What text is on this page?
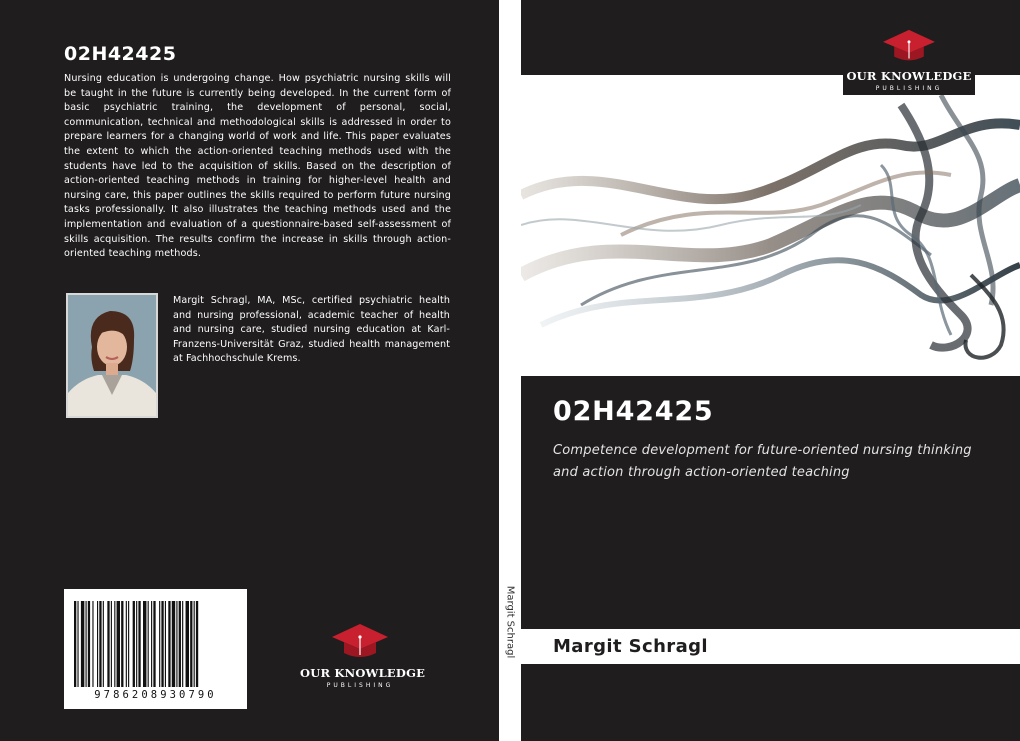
02H42425
Nursing education is undergoing change. How psychiatric nursing skills will be taught in the future is currently being developed. In the current form of basic psychiatric training, the development of personal, social, communication, technical and methodological skills is addressed in order to prepare learners for a changing world of work and life. This paper evaluates the extent to which the action-oriented teaching methods used with the students have led to the acquisition of skills. Based on the description of action-oriented teaching methods in training for higher-level health and nursing care, this paper outlines the skills required to perform future nursing tasks professionally. It also illustrates the teaching methods used and the implementation and evaluation of a questionnaire-based self-assessment of skills acquisition. The results confirm the increase in skills through action-oriented teaching methods.
Margit Schragl, MA, MSc, certified psychiatric health and nursing professional, academic teacher of health and nursing care, studied nursing education at Karl-Franzens-Universität Graz, studied health management at Fachhochschule Krems.
9786208930790
OUR KNOWLEDGE
PUBLISHING
Margit Schragl
OUR KNOWLEDGE
PUBLISHING
02H42425
Competence development for future-oriented nursing thinking and action through action-oriented teaching
Margit Schragl
